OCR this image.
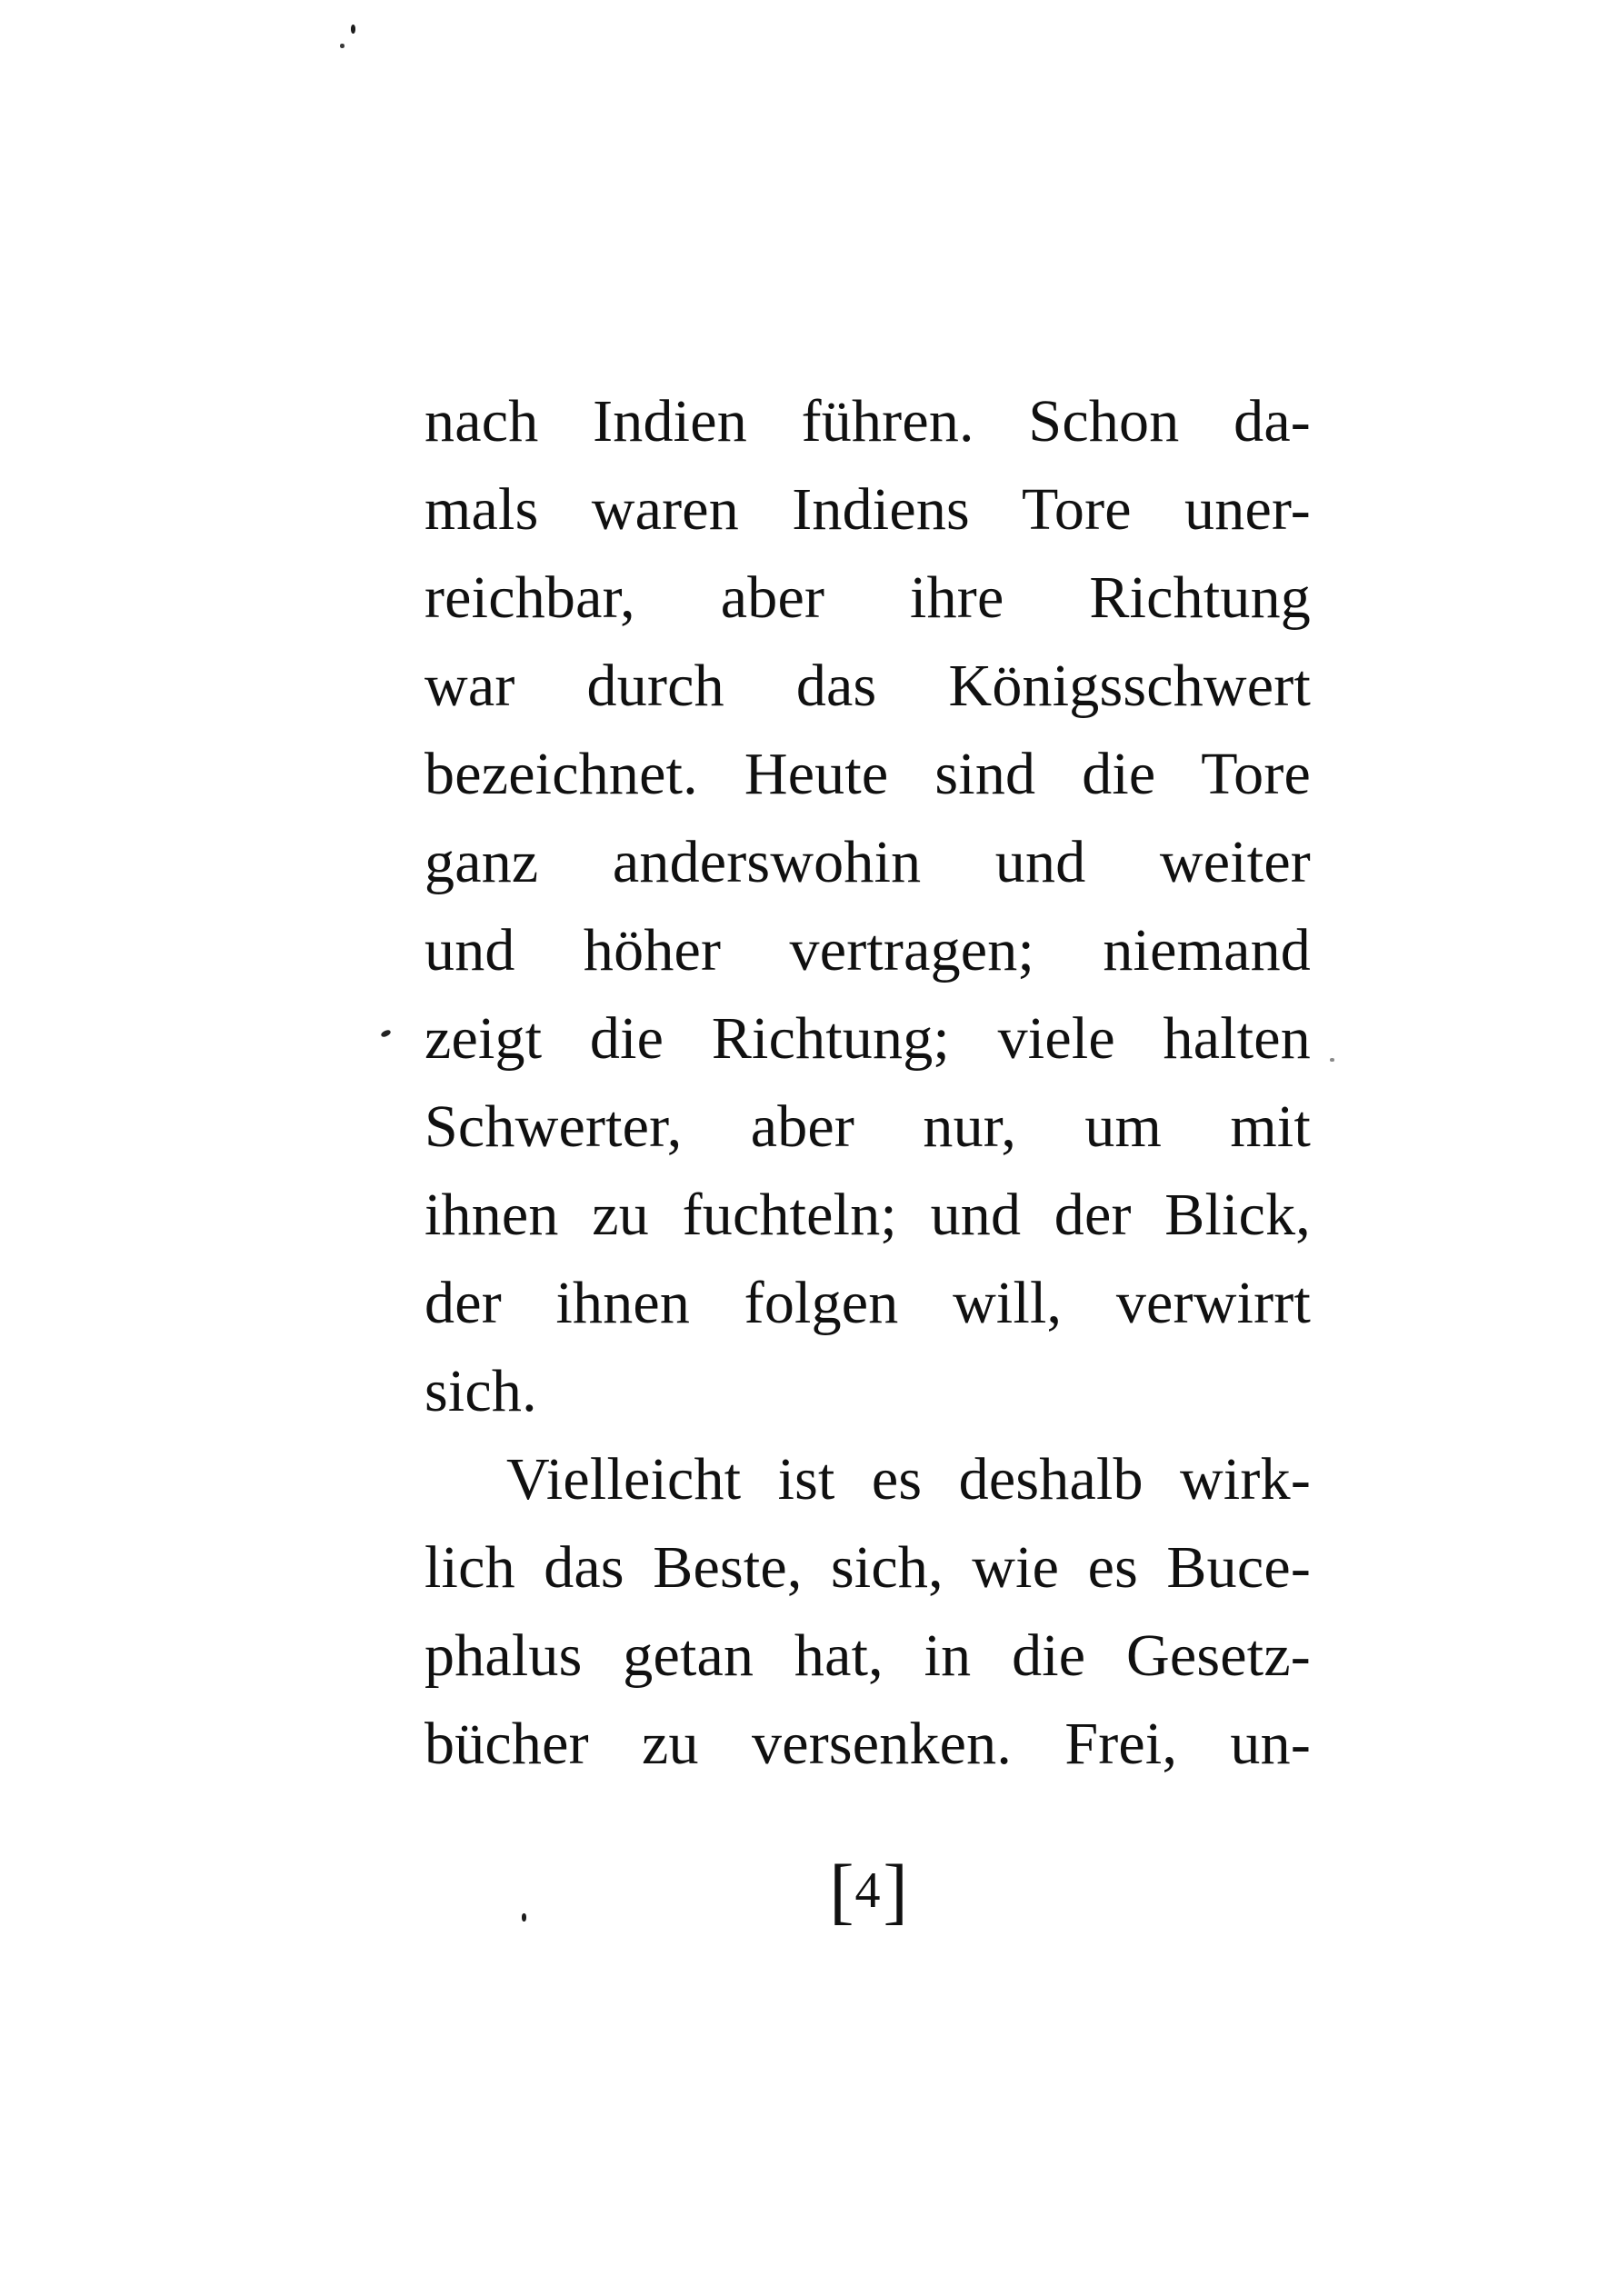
nach Indien führen. Schon da-
mals waren Indiens Tore uner-
reichbar, aber ihre Richtung
war durch das Königsschwert
bezeichnet. Heute sind die Tore
ganz anderswohin und weiter
und höher vertragen; niemand
zeigt die Richtung; viele halten
Schwerter, aber nur, um mit
ihnen zu fuchteln; und der Blick,
der ihnen folgen will, verwirrt
sich.
Vielleicht ist es deshalb wirk-
lich das Beste, sich, wie es Buce-
phalus getan hat, in die Gesetz-
bücher zu versenken. Frei, un-
[4]
